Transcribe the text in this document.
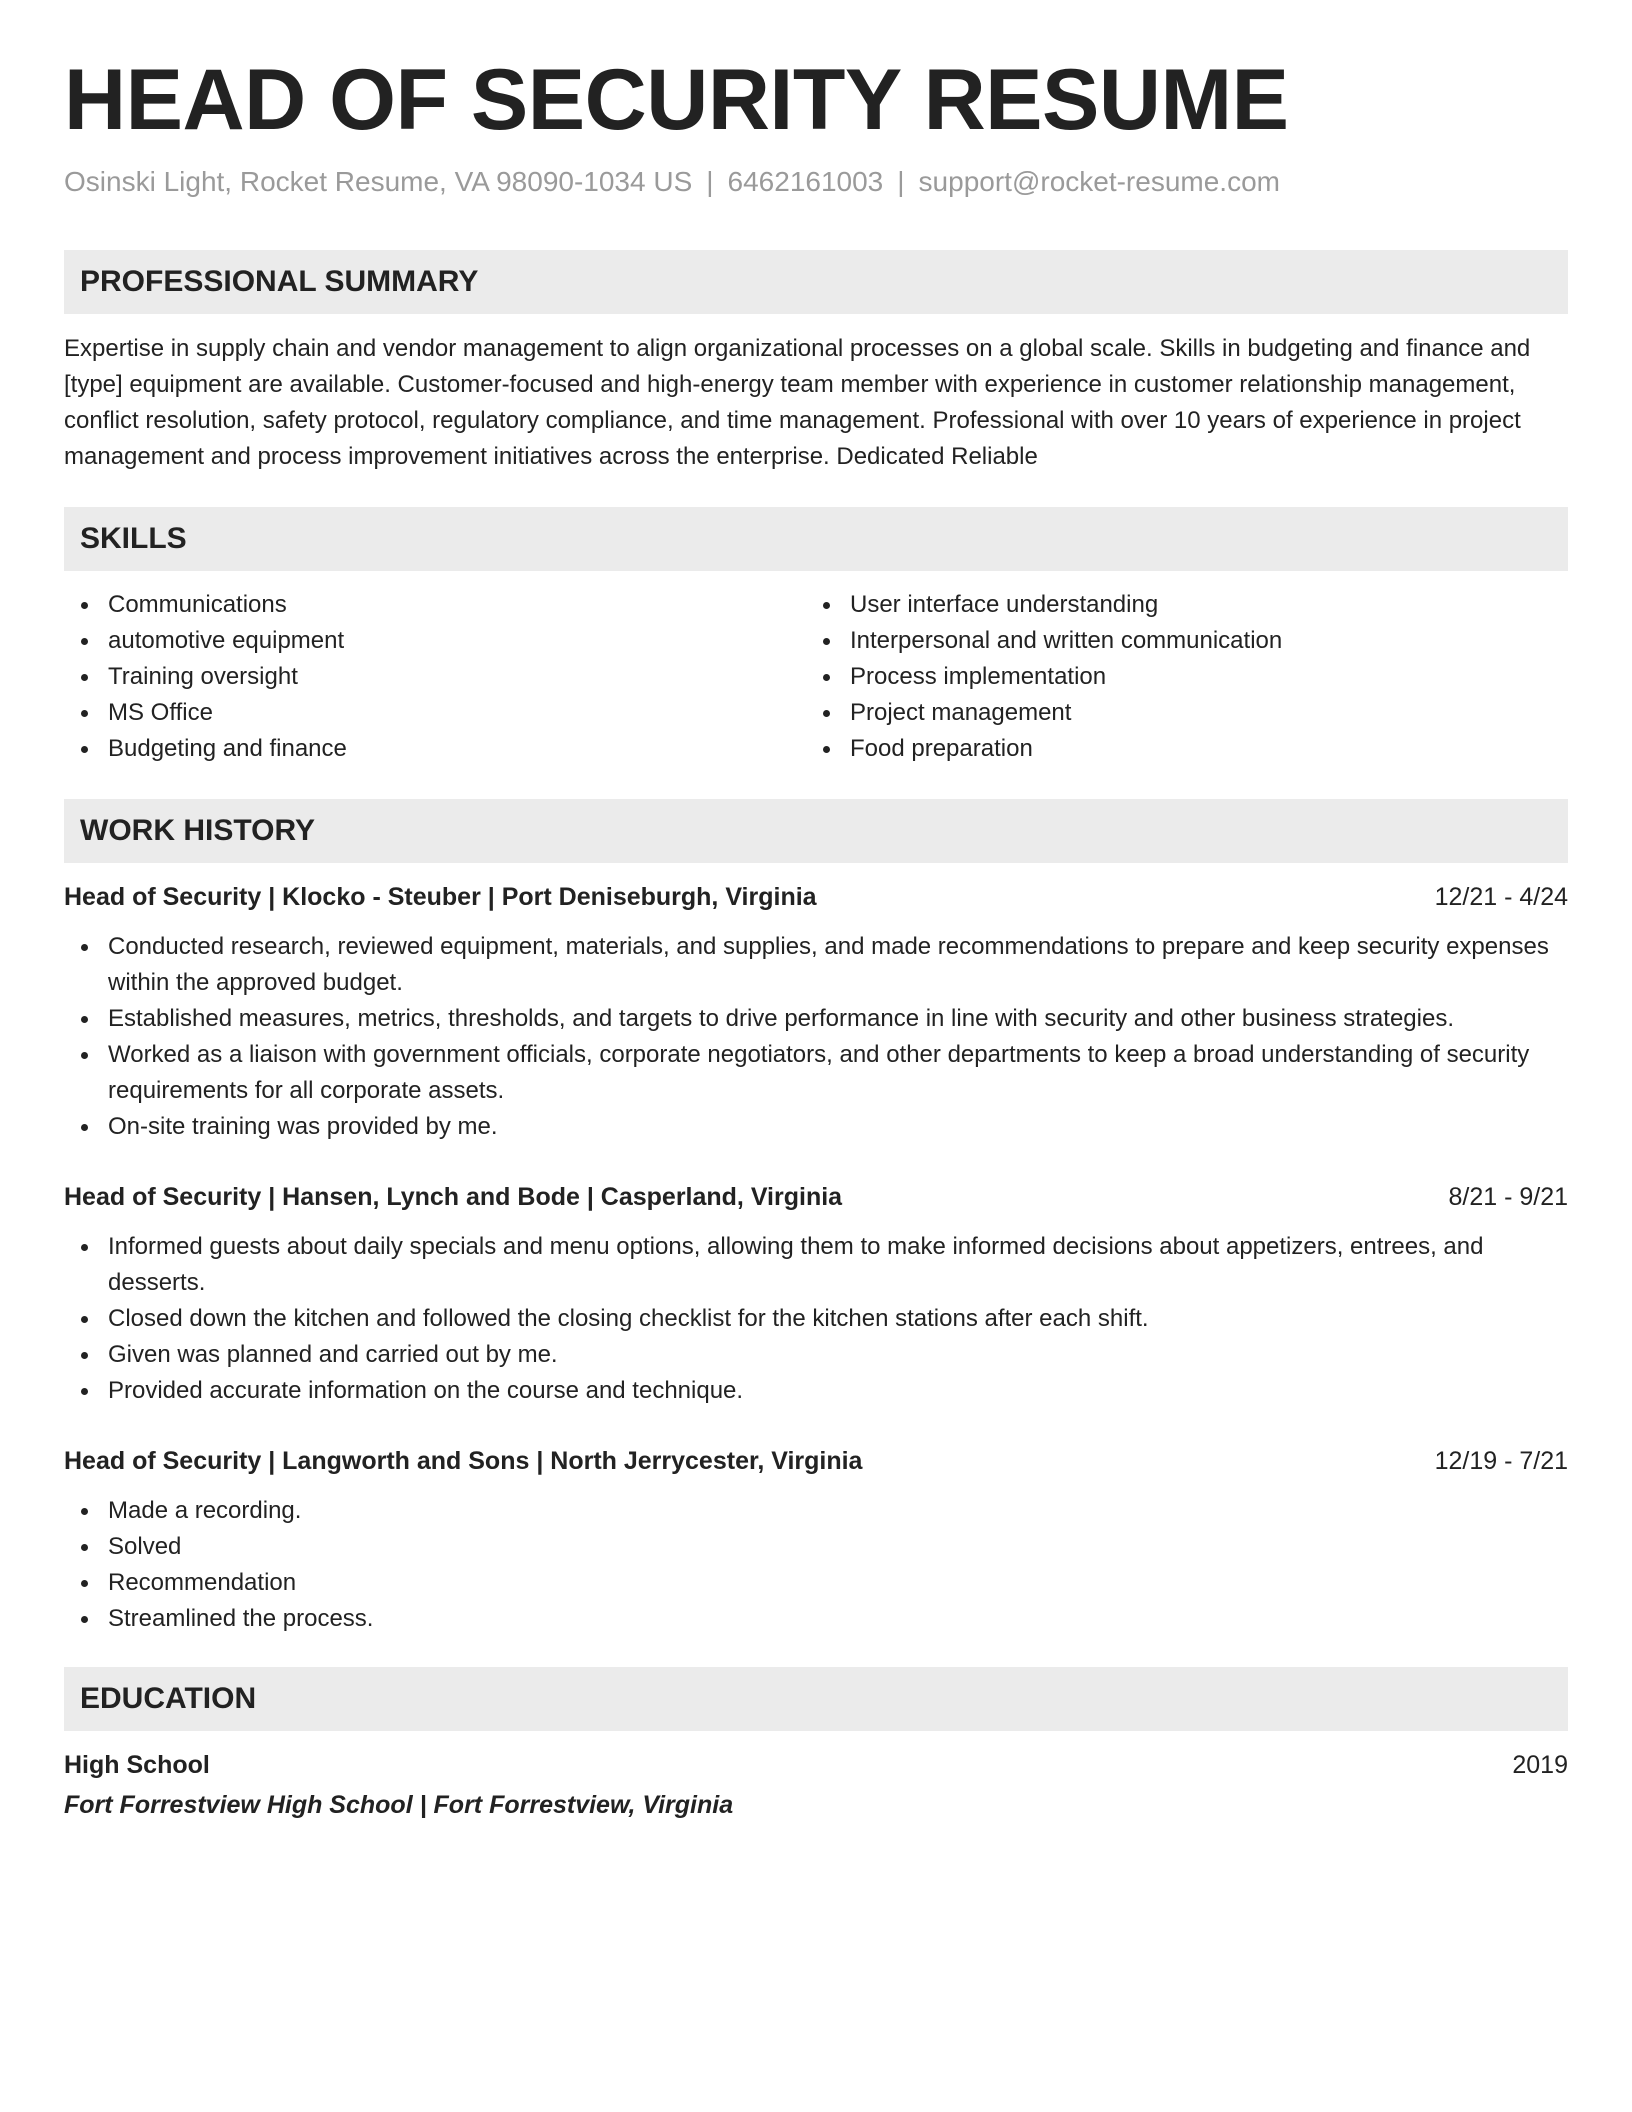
HEAD OF SECURITY RESUME
Osinski Light, Rocket Resume, VA 98090-1034 US | 6462161003 | support@rocket-resume.com
PROFESSIONAL SUMMARY
Expertise in supply chain and vendor management to align organizational processes on a global scale. Skills in budgeting and finance and [type] equipment are available. Customer-focused and high-energy team member with experience in customer relationship management, conflict resolution, safety protocol, regulatory compliance, and time management. Professional with over 10 years of experience in project management and process improvement initiatives across the enterprise. Dedicated Reliable
SKILLS
Communications
automotive equipment
Training oversight
MS Office
Budgeting and finance
User interface understanding
Interpersonal and written communication
Process implementation
Project management
Food preparation
WORK HISTORY
Head of Security | Klocko - Steuber | Port Deniseburgh, Virginia	12/21 - 4/24
Conducted research, reviewed equipment, materials, and supplies, and made recommendations to prepare and keep security expenses within the approved budget.
Established measures, metrics, thresholds, and targets to drive performance in line with security and other business strategies.
Worked as a liaison with government officials, corporate negotiators, and other departments to keep a broad understanding of security requirements for all corporate assets.
On-site training was provided by me.
Head of Security | Hansen, Lynch and Bode | Casperland, Virginia	8/21 - 9/21
Informed guests about daily specials and menu options, allowing them to make informed decisions about appetizers, entrees, and desserts.
Closed down the kitchen and followed the closing checklist for the kitchen stations after each shift.
Given was planned and carried out by me.
Provided accurate information on the course and technique.
Head of Security | Langworth and Sons | North Jerrycester, Virginia	12/19 - 7/21
Made a recording.
Solved
Recommendation
Streamlined the process.
EDUCATION
High School	2019
Fort Forrestview High School | Fort Forrestview, Virginia
